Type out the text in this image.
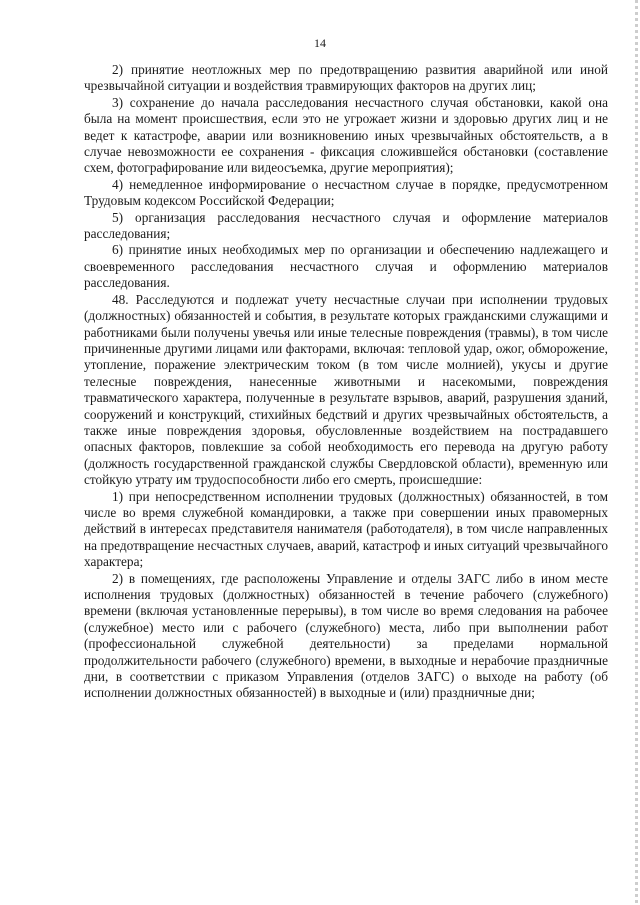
14

2) принятие неотложных мер по предотвращению развития аварийной или иной чрезвычайной ситуации и воздействия травмирующих факторов на других лиц;

3) сохранение до начала расследования несчастного случая обстановки, какой она была на момент происшествия, если это не угрожает жизни и здоровью других лиц и не ведет к катастрофе, аварии или возникновению иных чрезвычайных обстоятельств, а в случае невозможности ее сохранения - фиксация сложившейся обстановки (составление схем, фотографирование или видеосъемка, другие мероприятия);

4) немедленное информирование о несчастном случае в порядке, предусмотренном Трудовым кодексом Российской Федерации;

5) организация расследования несчастного случая и оформление материалов расследования;

6) принятие иных необходимых мер по организации и обеспечению надлежащего и своевременного расследования несчастного случая и оформлению материалов расследования.

48. Расследуются и подлежат учету несчастные случаи при исполнении трудовых (должностных) обязанностей и события, в результате которых гражданскими служащими и работниками были получены увечья или иные телесные повреждения (травмы), в том числе причиненные другими лицами или факторами, включая: тепловой удар, ожог, обморожение, утопление, поражение электрическим током (в том числе молнией), укусы и другие телесные повреждения, нанесенные животными и насекомыми, повреждения травматического характера, полученные в результате взрывов, аварий, разрушения зданий, сооружений и конструкций, стихийных бедствий и других чрезвычайных обстоятельств, а также иные повреждения здоровья, обусловленные воздействием на пострадавшего опасных факторов, повлекшие за собой необходимость его перевода на другую работу (должность государственной гражданской службы Свердловской области), временную или стойкую утрату им трудоспособности либо его смерть, происшедшие:

1) при непосредственном исполнении трудовых (должностных) обязанностей, в том числе во время служебной командировки, а также при совершении иных правомерных действий в интересах представителя нанимателя (работодателя), в том числе направленных на предотвращение несчастных случаев, аварий, катастроф и иных ситуаций чрезвычайного характера;

2) в помещениях, где расположены Управление и отделы ЗАГС либо в ином месте исполнения трудовых (должностных) обязанностей в течение рабочего (служебного) времени (включая установленные перерывы), в том числе во время следования на рабочее (служебное) место или с рабочего (служебного) места, либо при выполнении работ (профессиональной служебной деятельности) за пределами нормальной продолжительности рабочего (служебного) времени, в выходные и нерабочие праздничные дни, в соответствии с приказом Управления (отделов ЗАГС) о выходе на работу (об исполнении должностных обязанностей) в выходные и (или) праздничные дни;
